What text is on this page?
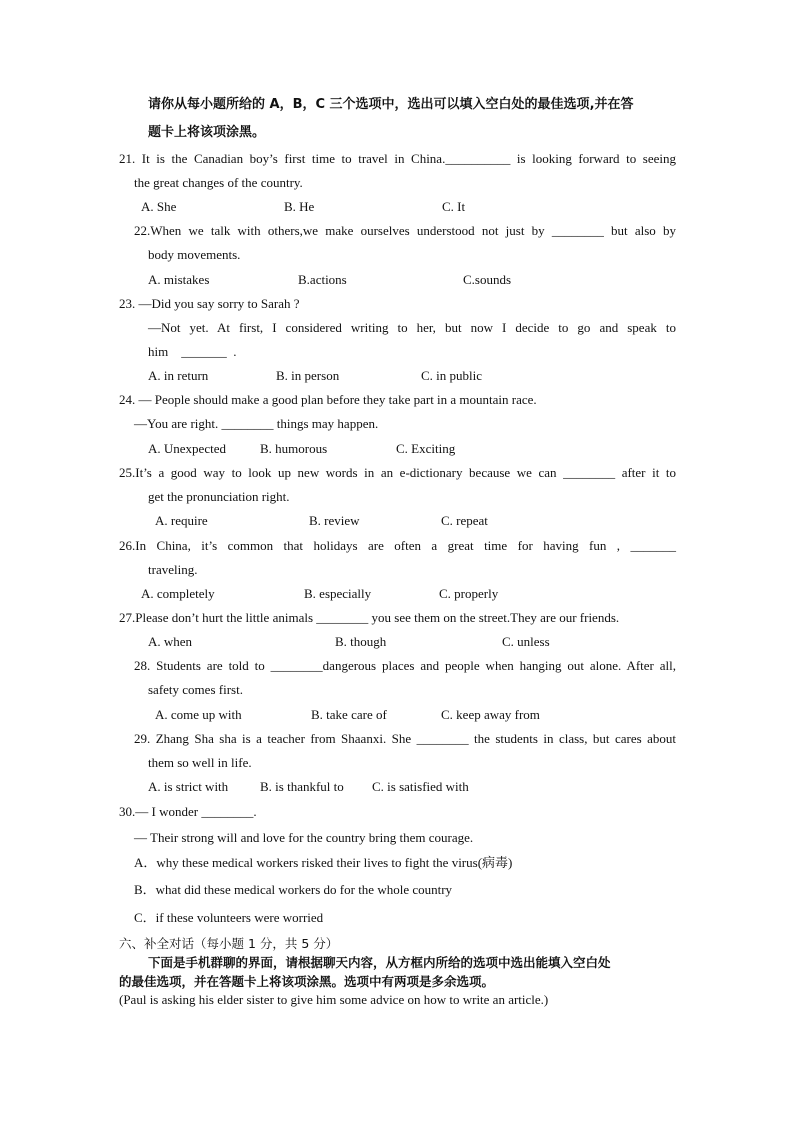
请你从每小题所给的 A，B，C 三个选项中，选出可以填入空白处的最佳选项,并在答
题卡上将该项涂黑。
21. It is the Canadian boy’s first time to travel in China.__________ is looking forward to seeing
the great changes of the country.
A. She	B. He	C. It
22.When we talk with others,we make ourselves understood not just by ________ but also by
body movements.
A. mistakes	B.actions	C.sounds
23. —Did you say sorry to Sarah ?
—Not yet. At first, I considered writing to her, but now I decide to go and speak to
him    _______  .
A. in return	B. in person	C. in public
24. — People should make a good plan before they take part in a mountain race.
—You are right. ________ things may happen.
A. Unexpected	B. humorous	C. Exciting
25.It’s a good way to look up new words in an e-dictionary because we can ________ after it to
get the pronunciation right.
A. require	B. review	C. repeat
26.In China, it’s common that holidays are often a great time for having fun , _______
traveling.
A. completely	B. especially	C. properly
27.Please don’t hurt the little animals ________ you see them on the street.They are our friends.
A. when	B. though	C. unless
28. Students are told to ________dangerous places and people when hanging out alone. After all,
safety comes first.
A. come up with	B. take care of	C. keep away from
29. Zhang Sha sha is a teacher from Shaanxi. She ________ the students in class, but cares about
them so well in life.
A. is strict with B. is thankful to C. is satisfied with
30.— I wonder ________.
— Their strong will and love for the country bring them courage.
A．why these medical workers risked their lives to fight the virus(病毒)
B．what did these medical workers do for the whole country
C．if these volunteers were worried
六、补全对话（每小题 1 分，共 5 分）
下面是手机群聊的界面，请根据聊天内容，从方框内所给的选项中选出能填入空白处
的最佳选项，并在答题卡上将该项涂黑。选项中有两项是多余选项。
(Paul is asking his elder sister to give him some advice on how to write an article.)
